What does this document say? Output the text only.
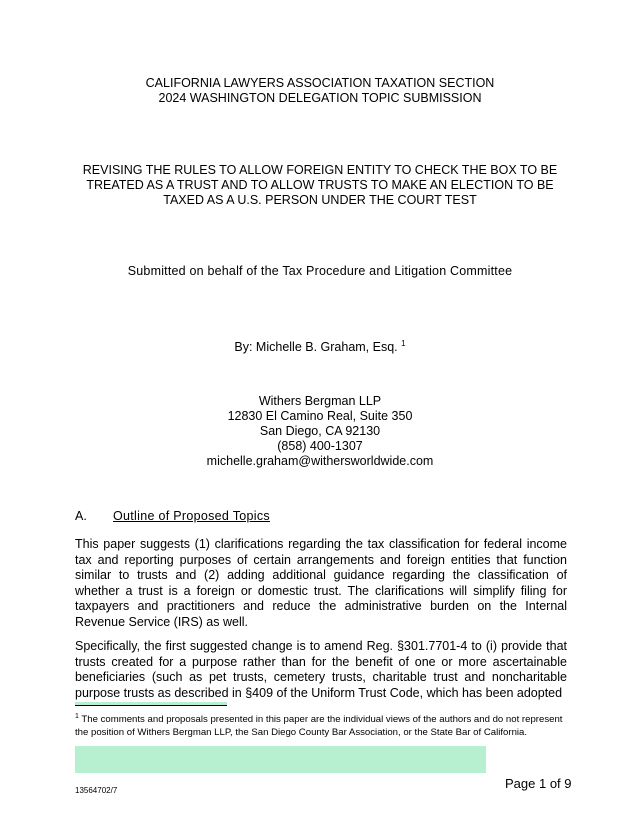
CALIFORNIA LAWYERS ASSOCIATION TAXATION SECTION
2024 WASHINGTON DELEGATION TOPIC SUBMISSION
REVISING THE RULES TO ALLOW FOREIGN ENTITY TO CHECK THE BOX TO BE
TREATED AS A TRUST AND TO ALLOW TRUSTS TO MAKE AN ELECTION TO BE
TAXED AS A U.S. PERSON UNDER THE COURT TEST
Submitted on behalf of the Tax Procedure and Litigation Committee
By: Michelle B. Graham, Esq. $^1$
Withers Bergman LLP
12830 El Camino Real, Suite 350
San Diego, CA 92130
(858) 400-1307
michelle.graham@withersworldwide.com
A. Outline of Proposed Topics
This paper suggests (1) clarifications regarding the tax classification for federal income tax and reporting purposes of certain arrangements and foreign entities that function similar to trusts and (2) adding additional guidance regarding the classification of whether a trust is a foreign or domestic trust. The clarifications will simplify filing for taxpayers and practitioners and reduce the administrative burden on the Internal Revenue Service (IRS) as well.
Specifically, the first suggested change is to amend Reg. §301.7701-4 to (i) provide that trusts created for a purpose rather than for the benefit of one or more ascertainable beneficiaries (such as pet trusts, cemetery trusts, charitable trust and noncharitable purpose trusts as described in §409 of the Uniform Trust Code, which has been adopted
$^1$ The comments and proposals presented in this paper are the individual views of the authors and do not represent the position of Withers Bergman LLP, the San Diego County Bar Association, or the State Bar of California.
13564702/7	Page 1 of 9
